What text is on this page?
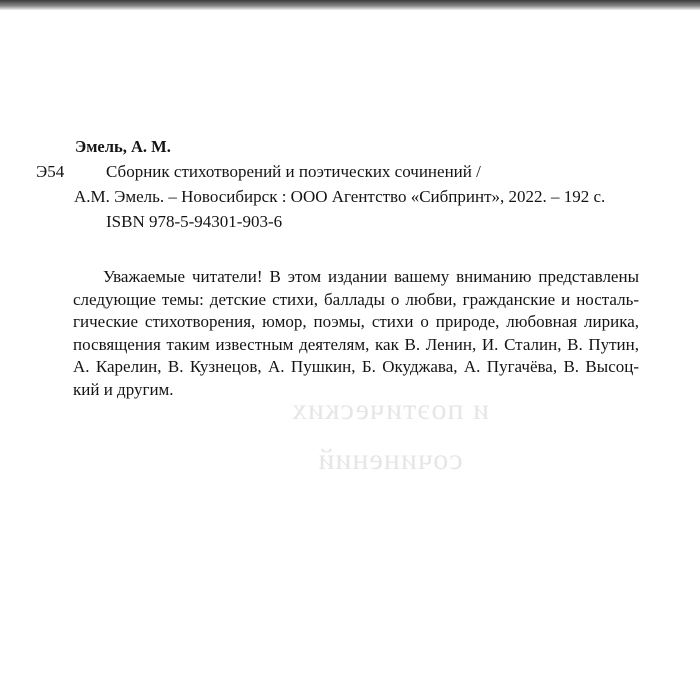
и поэтических
сочинений
Эмель, А. М.
Э54 Сборник стихотворений и поэтических сочинений /
А.М. Эмель. – Новосибирск : ООО Агентство «Сибпринт», 2022. – 192 с.
ISBN 978-5-94301-903-6
Уважаемые читатели! В этом издании вашему вниманию представлены
следующие темы: детские стихи, баллады о любви, гражданские и носталь-
гические стихотворения, юмор, поэмы, стихи о природе, любовная лирика,
посвящения таким известным деятелям, как В. Ленин, И. Сталин, В. Путин,
А. Карелин, В. Кузнецов, А. Пушкин, Б. Окуджава, А. Пугачёва, В. Высоц-
кий и другим.
